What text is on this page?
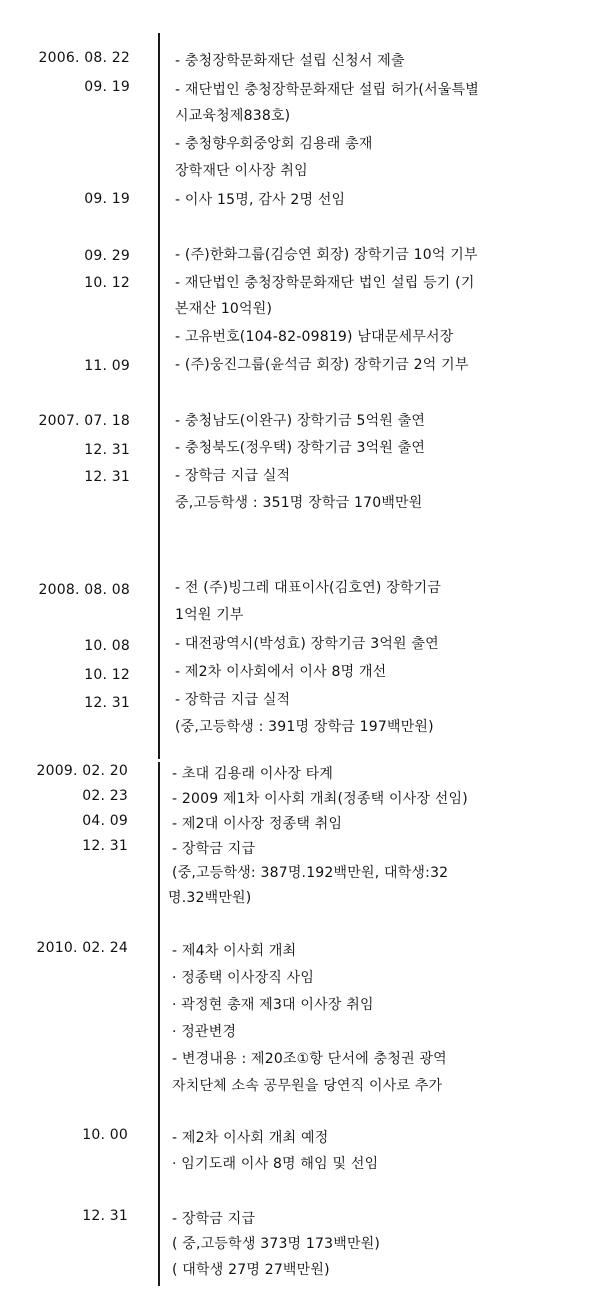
2006. 08. 22	- 충청장학문화재단 설립 신청서 제출
09. 19	- 재단법인 충청장학문화재단 설립 허가(서울특별
시교육청제838호)
- 충청향우회중앙회 김용래 총재
장학재단 이사장 취임
09. 19	- 이사 15명, 감사 2명 선임
09. 29	- (주)한화그룹(김승연 회장) 장학기금 10억 기부
10. 12	- 재단법인 충청장학문화재단 법인 설립 등기 (기
본재산 10억원)
- 고유번호(104-82-09819) 남대문세무서장
11. 09	- (주)웅진그룹(윤석금 회장) 장학기금 2억 기부
2007. 07. 18	- 충청남도(이완구) 장학기금 5억원 출연
12. 31	- 충청북도(정우택) 장학기금 3억원 출연
12. 31	- 장학금 지급 실적
중,고등학생 : 351명 장학금 170백만원
2008. 08. 08	- 전 (주)빙그레 대표이사(김호연) 장학기금
1억원 기부
10. 08	- 대전광역시(박성효) 장학기금 3억원 출연
10. 12	- 제2차 이사회에서 이사 8명 개선
12. 31	- 장학금 지급 실적
(중,고등학생 : 391명 장학금 197백만원)
2009. 02. 20	- 초대 김용래 이사장 타계
02. 23	- 2009 제1차 이사회 개최(정종택 이사장 선임)
04. 09	- 제2대 이사장 정종택 취임
12. 31	- 장학금 지급
(중,고등학생: 387명.192백만원, 대학생:32
명.32백만원)
2010. 02. 24	- 제4차 이사회 개최
· 정종택 이사장직 사임
· 곽정현 총재 제3대 이사장 취임
· 정관변경
- 변경내용 : 제20조①항 단서에 충청권 광역
자치단체 소속 공무원을 당연직 이사로 추가
10. 00	- 제2차 이사회 개최 예정
· 임기도래 이사 8명 해임 및 선임
12. 31	- 장학금 지급
( 중,고등학생 373명 173백만원)
( 대학생 27명 27백만원)
